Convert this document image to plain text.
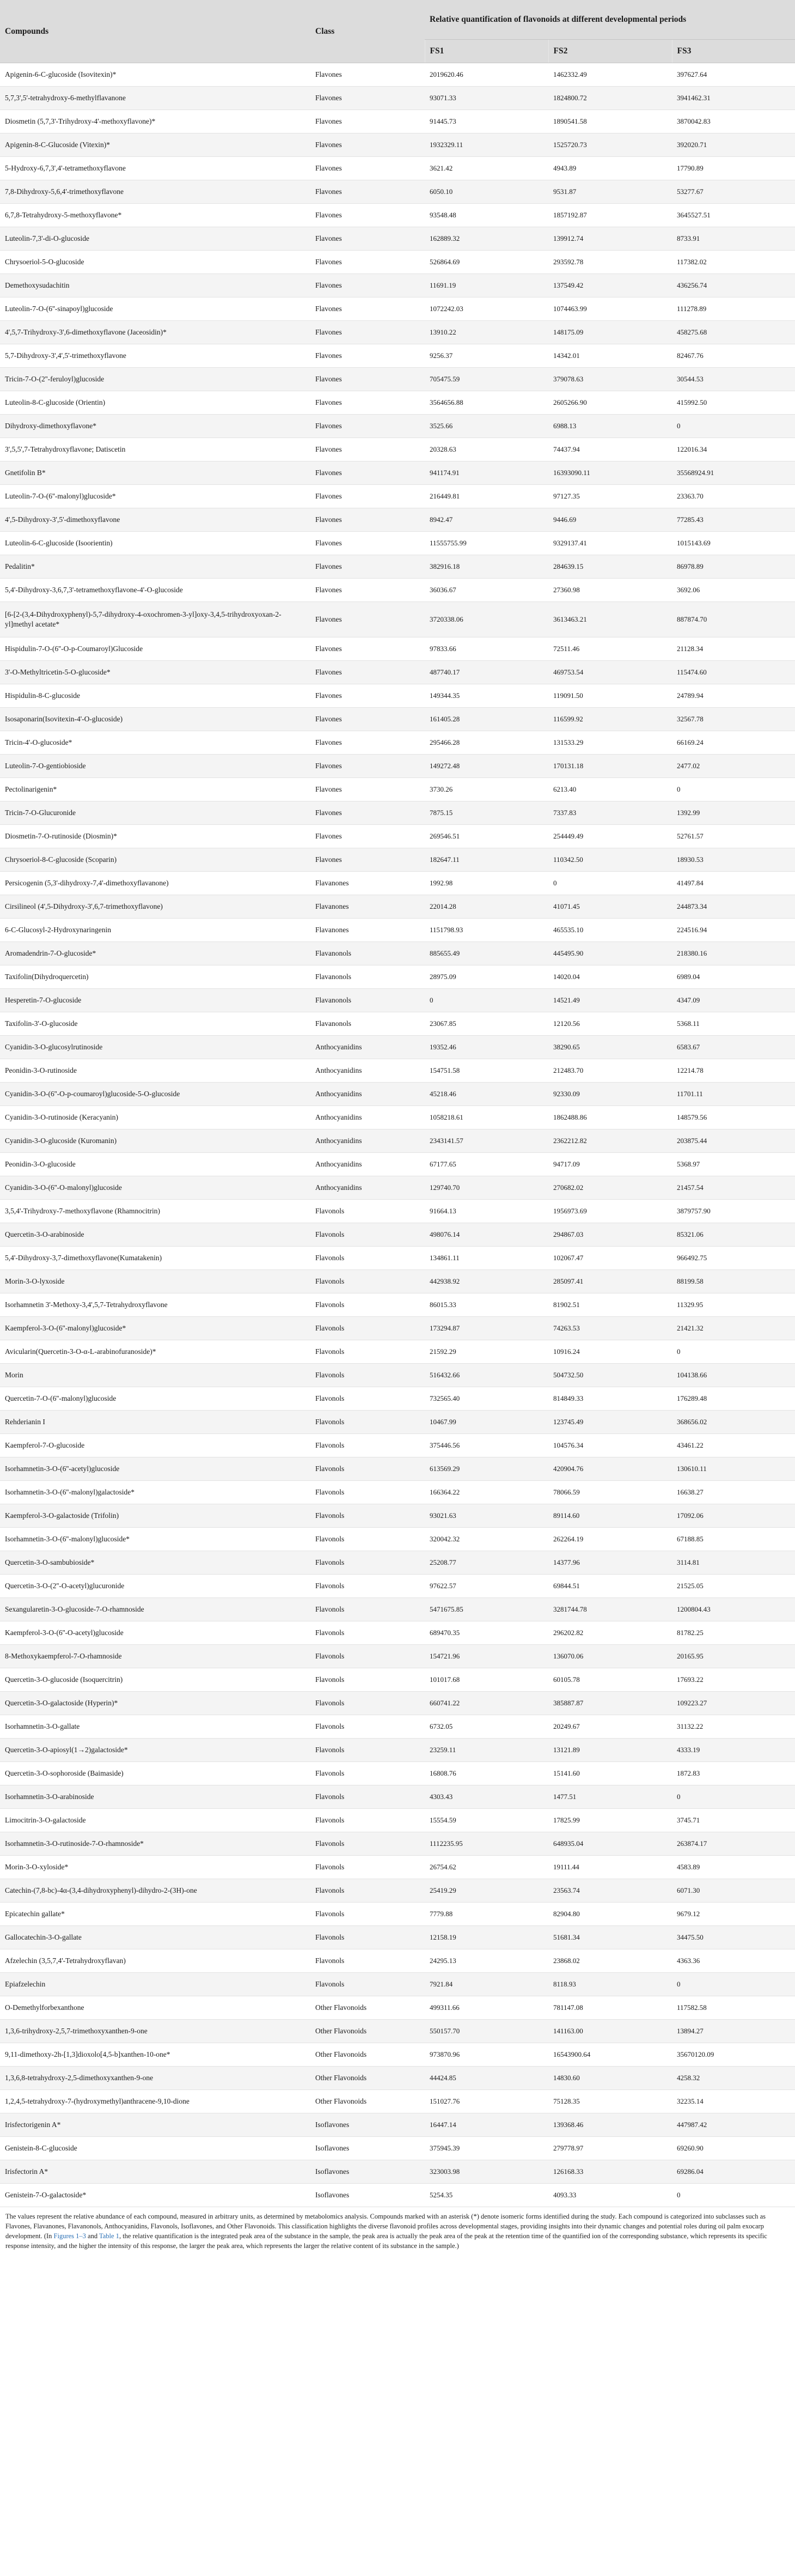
Compounds	Class	Relative quantification of flavonoids at different developmental periods		
		FS1	FS2	FS3
Apigenin-6-C-glucoside (Isovitexin)*	Flavones	2019620.46	1462332.49	397627.64
5,7,3',5'-tetrahydroxy-6-methylflavanone	Flavones	93071.33	1824800.72	3941462.31
Diosmetin (5,7,3'-Trihydroxy-4'-methoxyflavone)*	Flavones	91445.73	1890541.58	3870042.83
Apigenin-8-C-Glucoside (Vitexin)*	Flavones	1932329.11	1525720.73	392020.71
5-Hydroxy-6,7,3',4'-tetramethoxyflavone	Flavones	3621.42	4943.89	17790.89
7,8-Dihydroxy-5,6,4'-trimethoxyflavone	Flavones	6050.10	9531.87	53277.67
6,7,8-Tetrahydroxy-5-methoxyflavone*	Flavones	93548.48	1857192.87	3645527.51
Luteolin-7,3'-di-O-glucoside	Flavones	162889.32	139912.74	8733.91
Chrysoeriol-5-O-glucoside	Flavones	526864.69	293592.78	117382.02
Demethoxysudachitin	Flavones	11691.19	137549.42	436256.74
Luteolin-7-O-(6''-sinapoyl)glucoside	Flavones	1072242.03	1074463.99	111278.89
4',5,7-Trihydroxy-3',6-dimethoxyflavone (Jaceosidin)*	Flavones	13910.22	148175.09	458275.68
5,7-Dihydroxy-3',4',5'-trimethoxyflavone	Flavones	9256.37	14342.01	82467.76
Tricin-7-O-(2''-feruloyl)glucoside	Flavones	705475.59	379078.63	30544.53
Luteolin-8-C-glucoside (Orientin)	Flavones	3564656.88	2605266.90	415992.50
Dihydroxy-dimethoxyflavone*	Flavones	3525.66	6988.13	0
3',5,5',7-Tetrahydroxyflavone; Datiscetin	Flavones	20328.63	74437.94	122016.34
Gnetifolin B*	Flavones	941174.91	16393090.11	35568924.91
Luteolin-7-O-(6''-malonyl)glucoside*	Flavones	216449.81	97127.35	23363.70
4',5-Dihydroxy-3',5'-dimethoxyflavone	Flavones	8942.47	9446.69	77285.43
Luteolin-6-C-glucoside (Isoorientin)	Flavones	11555755.99	9329137.41	1015143.69
Pedalitin*	Flavones	382916.18	284639.15	86978.89
5,4'-Dihydroxy-3,6,7,3'-tetramethoxyflavone-4'-O-glucoside	Flavones	36036.67	27360.98	3692.06
[6-[2-(3,4-Dihydroxyphenyl)-5,7-dihydroxy-4-oxochromen-3-yl]oxy-3,4,5-trihydroxyoxan-2-yl]methyl acetate*	Flavones	3720338.06	3613463.21	887874.70
Hispidulin-7-O-(6''-O-p-Coumaroyl)Glucoside	Flavones	97833.66	72511.46	21128.34
3'-O-Methyltricetin-5-O-glucoside*	Flavones	487740.17	469753.54	115474.60
Hispidulin-8-C-glucoside	Flavones	149344.35	119091.50	24789.94
Isosaponarin(Isovitexin-4'-O-glucoside)	Flavones	161405.28	116599.92	32567.78
Tricin-4'-O-glucoside*	Flavones	295466.28	131533.29	66169.24
Luteolin-7-O-gentiobioside	Flavones	149272.48	170131.18	2477.02
Pectolinarigenin*	Flavones	3730.26	6213.40	0
Tricin-7-O-Glucuronide	Flavones	7875.15	7337.83	1392.99
Diosmetin-7-O-rutinoside (Diosmin)*	Flavones	269546.51	254449.49	52761.57
Chrysoeriol-8-C-glucoside (Scoparin)	Flavones	182647.11	110342.50	18930.53
Persicogenin (5,3'-dihydroxy-7,4'-dimethoxyflavanone)	Flavanones	1992.98	0	41497.84
Cirsilineol (4',5-Dihydroxy-3',6,7-trimethoxyflavone)	Flavanones	22014.28	41071.45	244873.34
6-C-Glucosyl-2-Hydroxynaringenin	Flavanones	1151798.93	465535.10	224516.94
Aromadendrin-7-O-glucoside*	Flavanonols	885655.49	445495.90	218380.16
Taxifolin(Dihydroquercetin)	Flavanonols	28975.09	14020.04	6989.04
Hesperetin-7-O-glucoside	Flavanonols	0	14521.49	4347.09
Taxifolin-3'-O-glucoside	Flavanonols	23067.85	12120.56	5368.11
Cyanidin-3-O-glucosylrutinoside	Anthocyanidins	19352.46	38290.65	6583.67
Peonidin-3-O-rutinoside	Anthocyanidins	154751.58	212483.70	12214.78
Cyanidin-3-O-(6''-O-p-coumaroyl)glucoside-5-O-glucoside	Anthocyanidins	45218.46	92330.09	11701.11
Cyanidin-3-O-rutinoside (Keracyanin)	Anthocyanidins	1058218.61	1862488.86	148579.56
Cyanidin-3-O-glucoside (Kuromanin)	Anthocyanidins	2343141.57	2362212.82	203875.44
Peonidin-3-O-glucoside	Anthocyanidins	67177.65	94717.09	5368.97
Cyanidin-3-O-(6''-O-malonyl)glucoside	Anthocyanidins	129740.70	270682.02	21457.54
3,5,4'-Trihydroxy-7-methoxyflavone (Rhamnocitrin)	Flavonols	91664.13	1956973.69	3879757.90
Quercetin-3-O-arabinoside	Flavonols	498076.14	294867.03	85321.06
5,4'-Dihydroxy-3,7-dimethoxyflavone(Kumatakenin)	Flavonols	134861.11	102067.47	966492.75
Morin-3-O-lyxoside	Flavonols	442938.92	285097.41	88199.58
Isorhamnetin 3'-Methoxy-3,4',5,7-Tetrahydroxyflavone	Flavonols	86015.33	81902.51	11329.95
Kaempferol-3-O-(6''-malonyl)glucoside*	Flavonols	173294.87	74263.53	21421.32
Avicularin(Quercetin-3-O-α-L-arabinofuranoside)*	Flavonols	21592.29	10916.24	0
Morin	Flavonols	516432.66	504732.50	104138.66
Quercetin-7-O-(6''-malonyl)glucoside	Flavonols	732565.40	814849.33	176289.48
Rehderianin I	Flavonols	10467.99	123745.49	368656.02
Kaempferol-7-O-glucoside	Flavonols	375446.56	104576.34	43461.22
Isorhamnetin-3-O-(6''-acetyl)glucoside	Flavonols	613569.29	420904.76	130610.11
Isorhamnetin-3-O-(6''-malonyl)galactoside*	Flavonols	166364.22	78066.59	16638.27
Kaempferol-3-O-galactoside (Trifolin)	Flavonols	93021.63	89114.60	17092.06
Isorhamnetin-3-O-(6''-malonyl)glucoside*	Flavonols	320042.32	262264.19	67188.85
Quercetin-3-O-sambubioside*	Flavonols	25208.77	14377.96	3114.81
Quercetin-3-O-(2''-O-acetyl)glucuronide	Flavonols	97622.57	69844.51	21525.05
Sexangularetin-3-O-glucoside-7-O-rhamnoside	Flavonols	5471675.85	3281744.78	1200804.43
Kaempferol-3-O-(6''-O-acetyl)glucoside	Flavonols	689470.35	296202.82	81782.25
8-Methoxykaempferol-7-O-rhamnoside	Flavonols	154721.96	136070.06	20165.95
Quercetin-3-O-glucoside (Isoquercitrin)	Flavonols	101017.68	60105.78	17693.22
Quercetin-3-O-galactoside (Hyperin)*	Flavonols	660741.22	385887.87	109223.27
Isorhamnetin-3-O-gallate	Flavonols	6732.05	20249.67	31132.22
Quercetin-3-O-apiosyl(1→2)galactoside*	Flavonols	23259.11	13121.89	4333.19
Quercetin-3-O-sophoroside (Baimaside)	Flavonols	16808.76	15141.60	1872.83
Isorhamnetin-3-O-arabinoside	Flavonols	4303.43	1477.51	0
Limocitrin-3-O-galactoside	Flavonols	15554.59	17825.99	3745.71
Isorhamnetin-3-O-rutinoside-7-O-rhamnoside*	Flavonols	1112235.95	648935.04	263874.17
Morin-3-O-xyloside*	Flavonols	26754.62	19111.44	4583.89
Catechin-(7,8-bc)-4α-(3,4-dihydroxyphenyl)-dihydro-2-(3H)-one	Flavonols	25419.29	23563.74	6071.30
Epicatechin gallate*	Flavonols	7779.88	82904.80	9679.12
Gallocatechin-3-O-gallate	Flavonols	12158.19	51681.34	34475.50
Afzelechin (3,5,7,4'-Tetrahydroxyflavan)	Flavonols	24295.13	23868.02	4363.36
Epiafzelechin	Flavonols	7921.84	8118.93	0
O-Demethylforbexanthone	Other Flavonoids	499311.66	781147.08	117582.58
1,3,6-trihydroxy-2,5,7-trimethoxyxanthen-9-one	Other Flavonoids	550157.70	141163.00	13894.27
9,11-dimethoxy-2h-[1,3]dioxolo[4,5-b]xanthen-10-one*	Other Flavonoids	973870.96	16543900.64	35670120.09
1,3,6,8-tetrahydroxy-2,5-dimethoxyxanthen-9-one	Other Flavonoids	44424.85	14830.60	4258.32
1,2,4,5-tetrahydroxy-7-(hydroxymethyl)anthracene-9,10-dione	Other Flavonoids	151027.76	75128.35	32235.14
Irisfectorigenin A*	Isoflavones	16447.14	139368.46	447987.42
Genistein-8-C-glucoside	Isoflavones	375945.39	279778.97	69260.90
Irisfectorin A*	Isoflavones	323003.98	126168.33	69286.04
Genistein-7-O-galactoside*	Isoflavones	5254.35	4093.33	0
The values represent the relative abundance of each compound, measured in arbitrary units, as determined by metabolomics analysis. Compounds marked with an asterisk (*) denote isomeric forms identified during the study. Each compound is categorized into subclasses such as Flavones, Flavanones, Flavanonols, Anthocyanidins, Flavonols, Isoflavones, and Other Flavonoids. This classification highlights the diverse flavonoid profiles across developmental stages, providing insights into their dynamic changes and potential roles during oil palm exocarp development. (In Figures 1–3 and Table 1, the relative quantification is the integrated peak area of the substance in the sample, the peak area is actually the peak area of the peak at the retention time of the quantified ion of the corresponding substance, which represents its specific response intensity, and the higher the intensity of this response, the larger the peak area, which represents the larger the relative content of its substance in the sample.)
